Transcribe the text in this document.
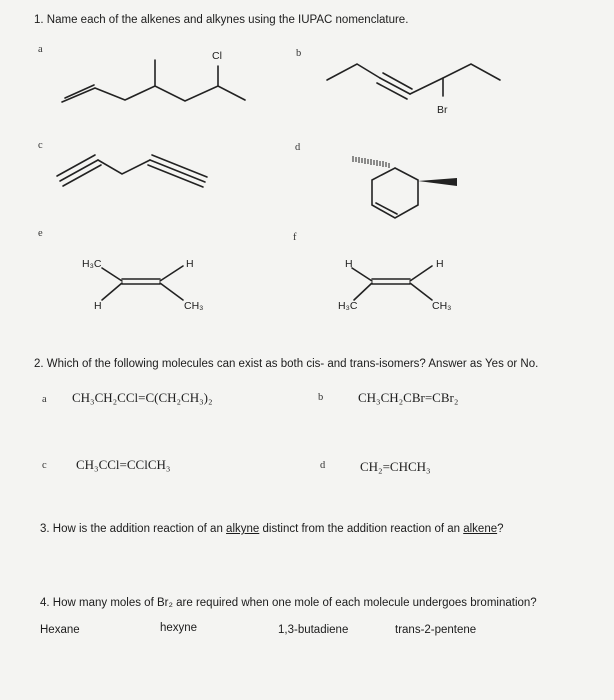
1. Name each of the alkenes and alkynes using the IUPAC nomenclature.
a	b
c	d
e	f
Cl
Br
H₃C	H
H	CH₃
H	H
H₃C	CH₃
2. Which of the following molecules can exist as both cis- and trans-isomers? Answer as Yes or No.
a CH₃CH₂CCl=C(CH₂CH₃)₂	b	CH₃CH₂CBr=CBr₂
c CH₃CCl=CClCH₃	d	CH₂=CHCH₃
3. How is the addition reaction of an alkyne distinct from the addition reaction of an alkene?
4. How many moles of Br₂ are required when one mole of each molecule undergoes bromination?
Hexane	hexyne	1,3-butadiene	trans-2-pentene
